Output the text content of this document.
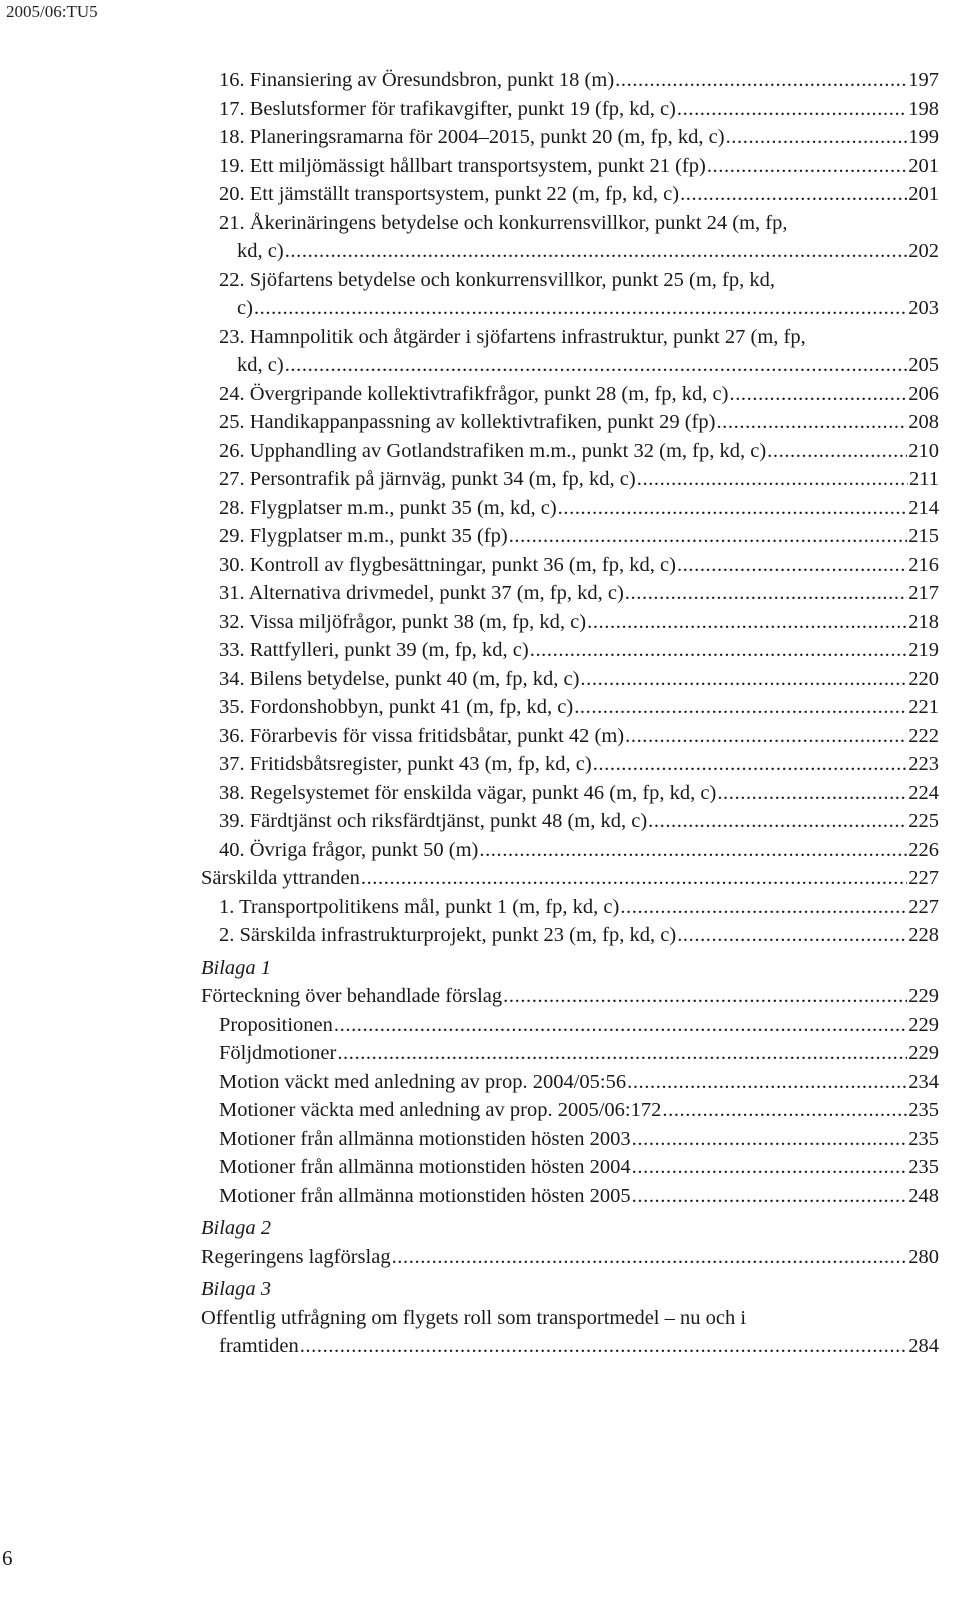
2005/06:TU5
16. Finansiering av Öresundsbron, punkt 18 (m) .....	197
17. Beslutsformer för trafikavgifter, punkt 19 (fp, kd, c) .....	198
18. Planeringsramarna för 2004–2015, punkt 20 (m, fp, kd, c) .....	199
19. Ett miljömässigt hållbart transportsystem, punkt 21 (fp) .....	201
20. Ett jämställt transportsystem, punkt 22 (m, fp, kd, c) .....	201
21. Åkerinäringens betydelse och konkurrensvillkor, punkt 24 (m, fp,
kd, c) .....	202
22. Sjöfartens betydelse och konkurrensvillkor, punkt 25 (m, fp, kd,
c) .....	203
23. Hamnpolitik och åtgärder i sjöfartens infrastruktur, punkt 27 (m, fp,
kd, c) .....	205
24. Övergripande kollektivtrafikfrågor, punkt 28 (m, fp, kd, c) .....	206
25. Handikappanpassning av kollektivtrafiken, punkt 29 (fp) .....	208
26. Upphandling av Gotlandstrafiken m.m., punkt 32 (m, fp, kd, c) .....	210
27. Persontrafik på järnväg, punkt 34 (m, fp, kd, c) .....	211
28. Flygplatser m.m., punkt 35 (m, kd, c) .....	214
29. Flygplatser m.m., punkt 35 (fp) .....	215
30. Kontroll av flygbesättningar, punkt 36 (m, fp, kd, c) .....	216
31. Alternativa drivmedel, punkt 37 (m, fp, kd, c) .....	217
32. Vissa miljöfrågor, punkt 38 (m, fp, kd, c) .....	218
33. Rattfylleri, punkt 39 (m, fp, kd, c) .....	219
34. Bilens betydelse, punkt 40 (m, fp, kd, c) .....	220
35. Fordonshobbyn, punkt 41 (m, fp, kd, c) .....	221
36. Förarbevis för vissa fritidsbåtar, punkt 42 (m) .....	222
37. Fritidsbåtsregister, punkt 43 (m, fp, kd, c) .....	223
38. Regelsystemet för enskilda vägar, punkt 46 (m, fp, kd, c) .....	224
39. Färdtjänst och riksfärdtjänst, punkt 48 (m, kd, c) .....	225
40. Övriga frågor, punkt 50 (m) .....	226
Särskilda yttranden .....	227
1. Transportpolitikens mål, punkt 1 (m, fp, kd, c) .....	227
2. Särskilda infrastrukturprojekt, punkt 23 (m, fp, kd, c) .....	228
Bilaga 1
Förteckning över behandlade förslag .....	229
Propositionen .....	229
Följdmotioner .....	229
Motion väckt med anledning av prop. 2004/05:56 .....	234
Motioner väckta med anledning av prop. 2005/06:172 .....	235
Motioner från allmänna motionstiden hösten 2003 .....	235
Motioner från allmänna motionstiden hösten 2004 .....	235
Motioner från allmänna motionstiden hösten 2005 .....	248
Bilaga 2
Regeringens lagförslag .....	280
Bilaga 3
Offentlig utfrågning om flygets roll som transportmedel – nu och i
framtiden .....	284
6
